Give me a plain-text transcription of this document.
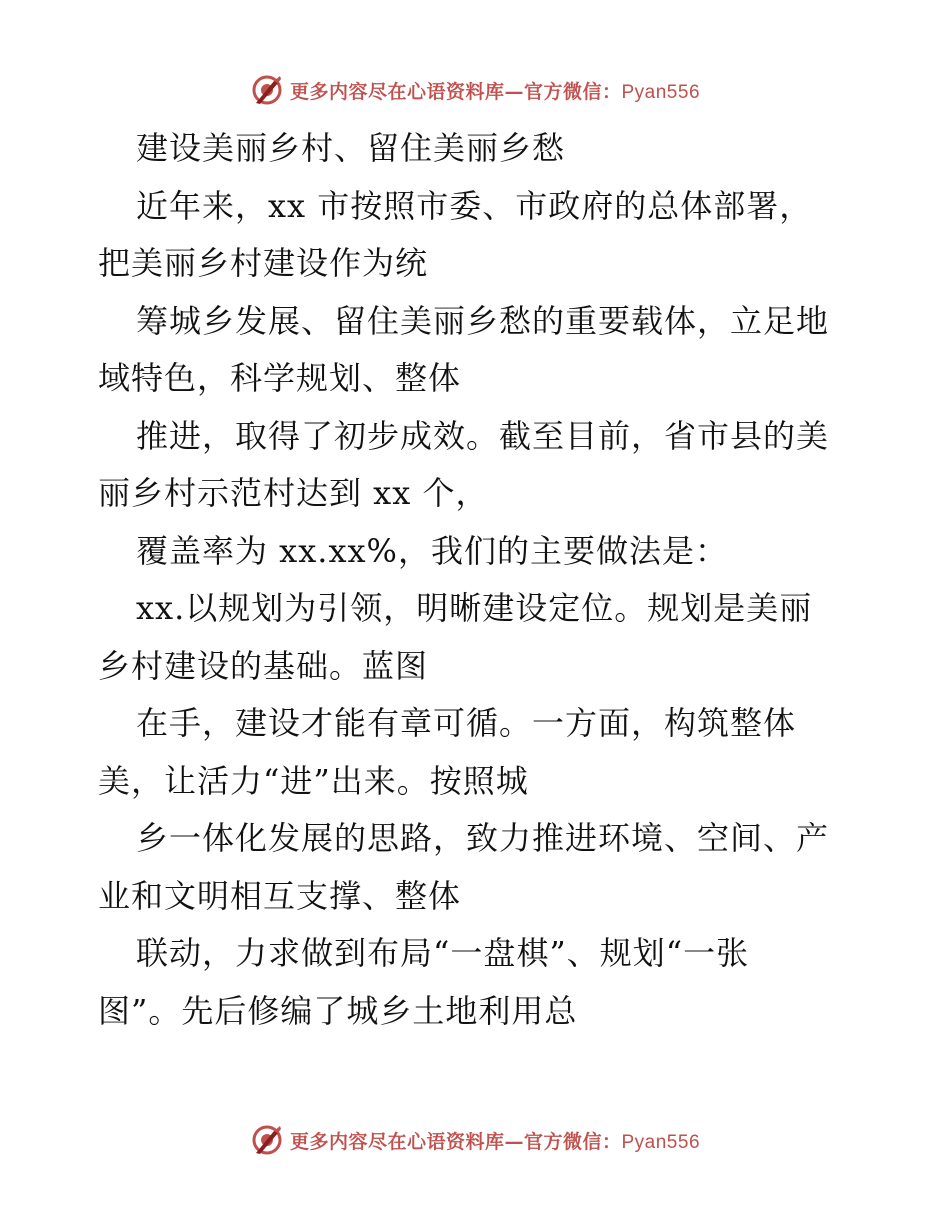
更多内容尽在心语资料库—官方微信：Pyan556
建设美丽乡村、留住美丽乡愁
近年来，xx 市按照市委、市政府的总体部署，
把美丽乡村建设作为统
筹城乡发展、留住美丽乡愁的重要载体，立足地
域特色，科学规划、整体
推进，取得了初步成效。截至目前，省市县的美
丽乡村示范村达到 xx 个，
覆盖率为 xx.xx%，我们的主要做法是：
xx.以规划为引领，明晰建设定位。规划是美丽
乡村建设的基础。蓝图
在手，建设才能有章可循。一方面，构筑整体
美，让活力“进”出来。按照城
乡一体化发展的思路，致力推进环境、空间、产
业和文明相互支撑、整体
联动，力求做到布局“一盘棋”、规划“一张
图”。先后修编了城乡土地利用总
更多内容尽在心语资料库—官方微信：Pyan556
